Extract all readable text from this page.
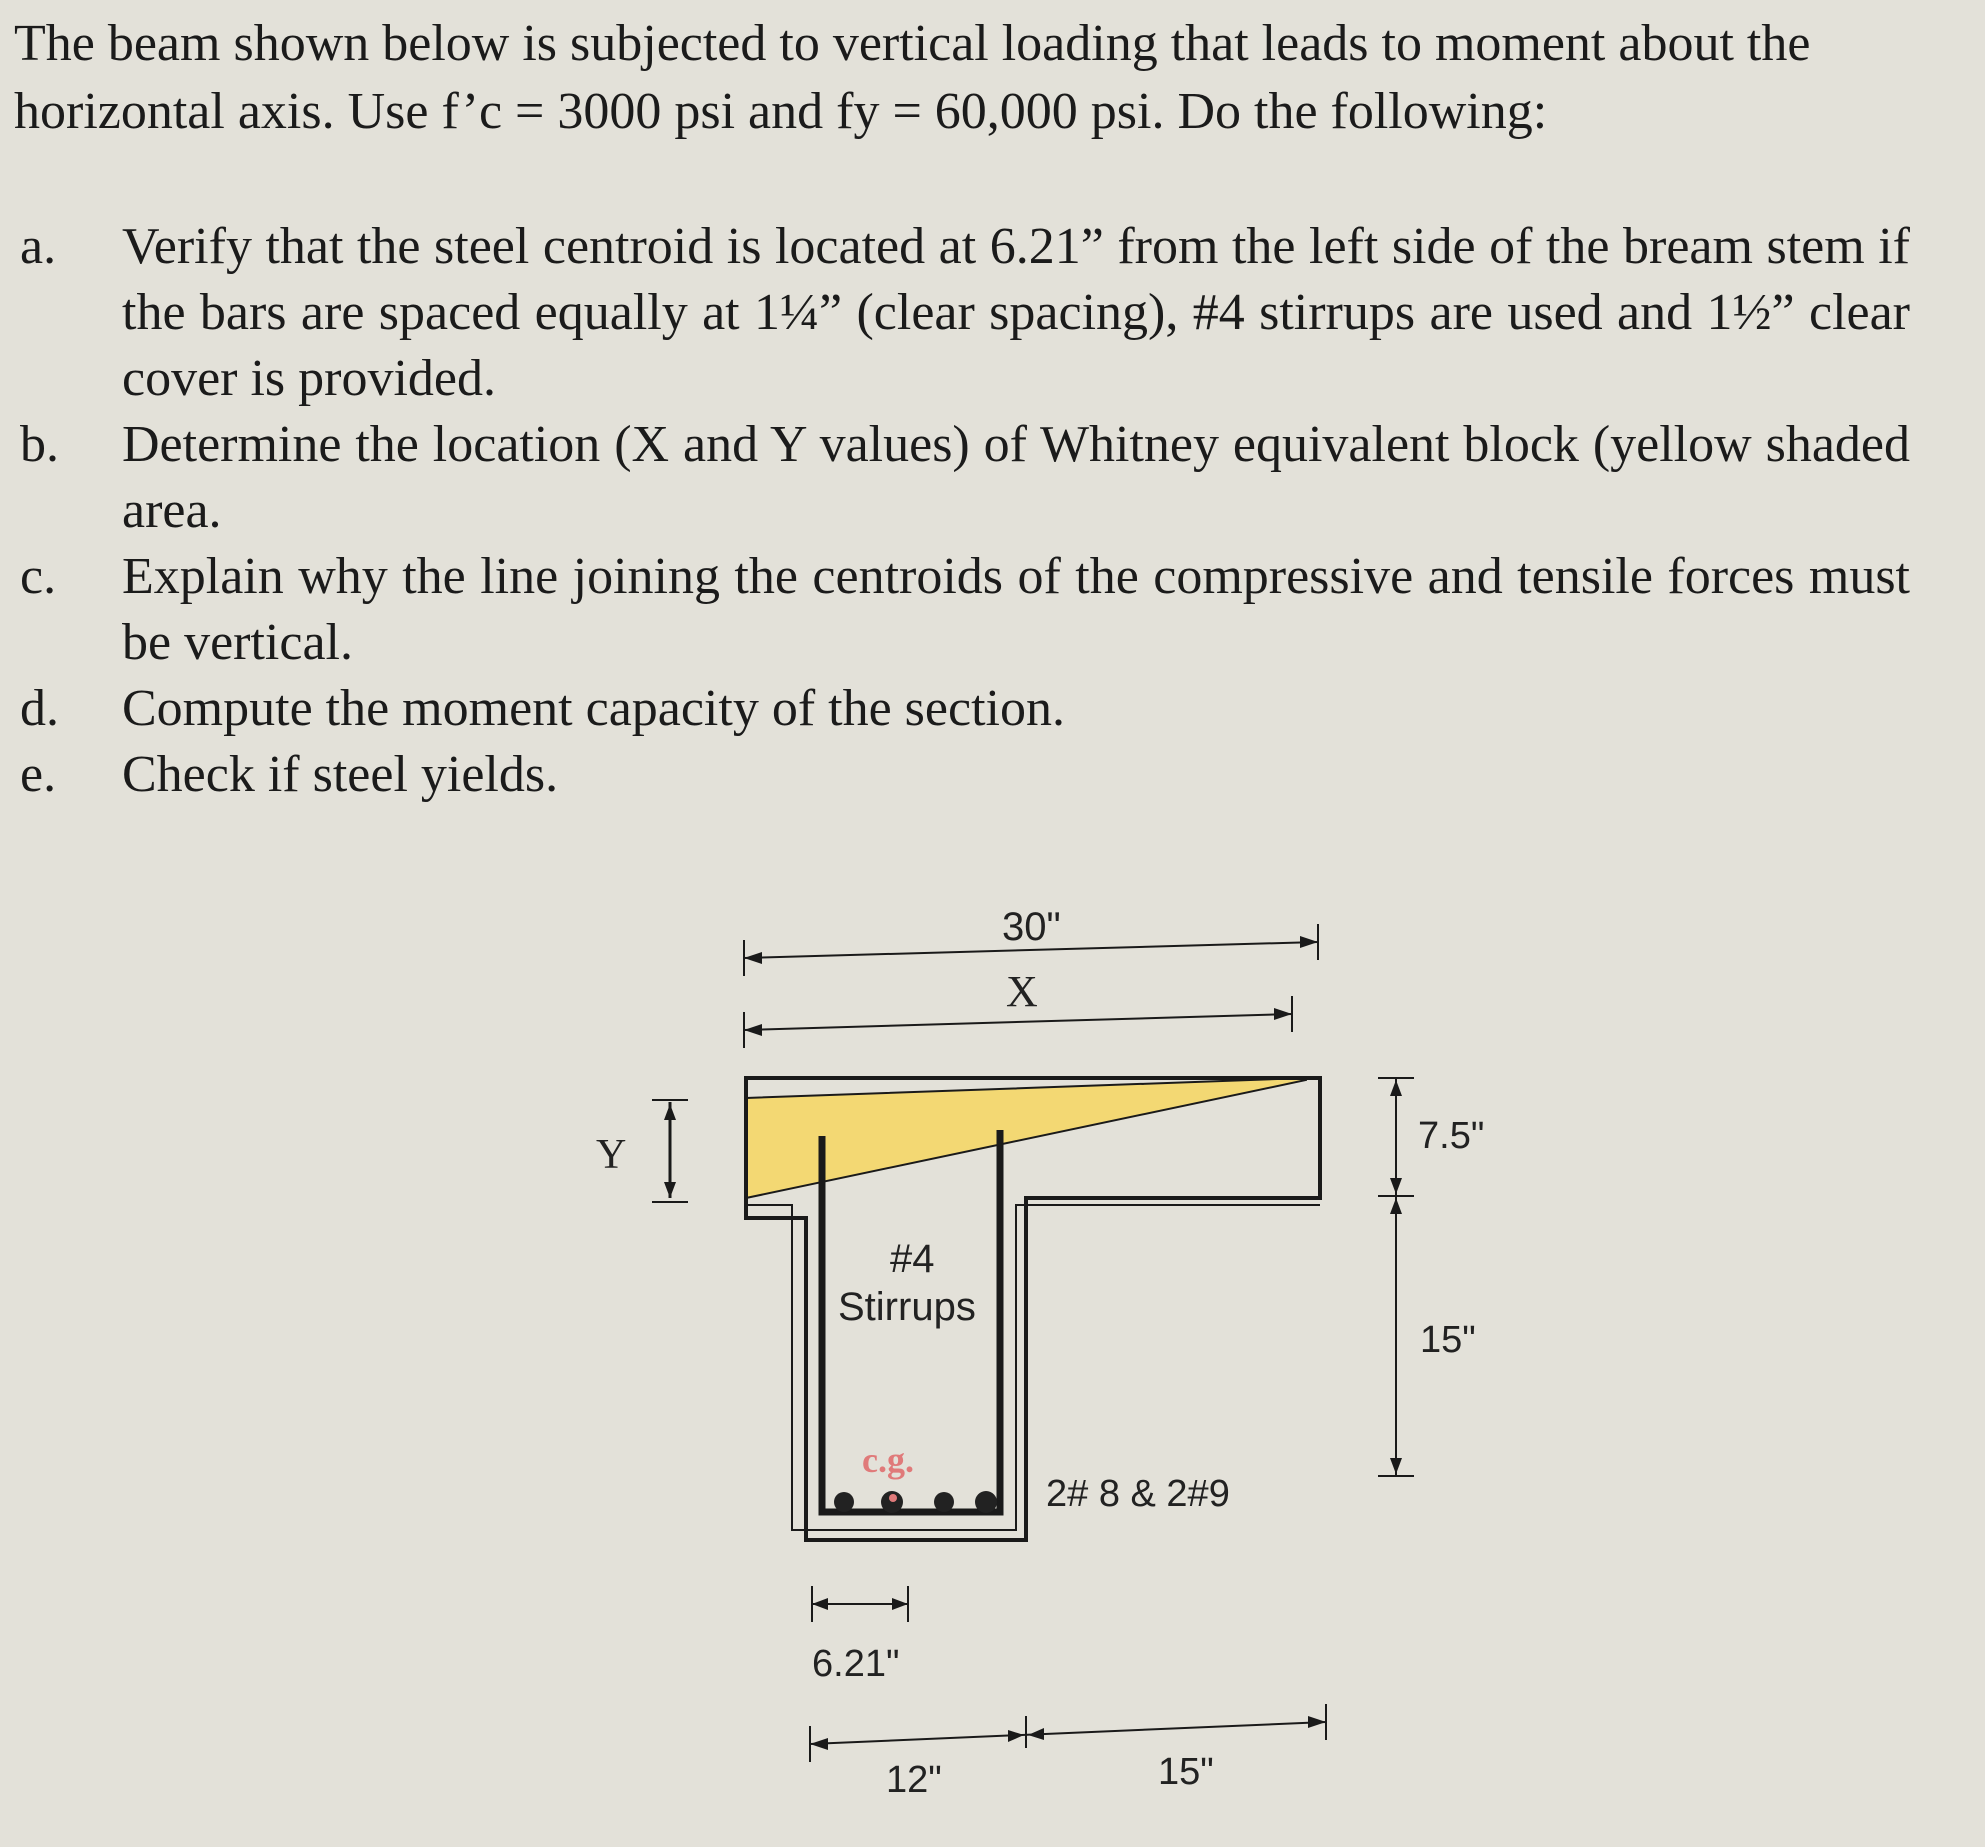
The beam shown below is subjected to vertical loading that leads to moment about the horizontal axis. Use f’c = 3000 psi and fy = 60,000 psi. Do the following:

a.	Verify that the steel centroid is located at 6.21” from the left side of the bream stem if the bars are spaced equally at 1¼” (clear spacing), #4 stirrups are used and 1½” clear cover is provided.
b.	Determine the location (X and Y values) of Whitney equivalent block (yellow shaded area.
c.	Explain why the line joining the centroids of the compressive and tensile forces must be vertical.
d.	Compute the moment capacity of the section.
e.	Check if steel yields.
30"
X
Y	7.5"
15"
#4
Stirrups
c.g.
2# 8 & 2#9
6.21"
12"	15"
